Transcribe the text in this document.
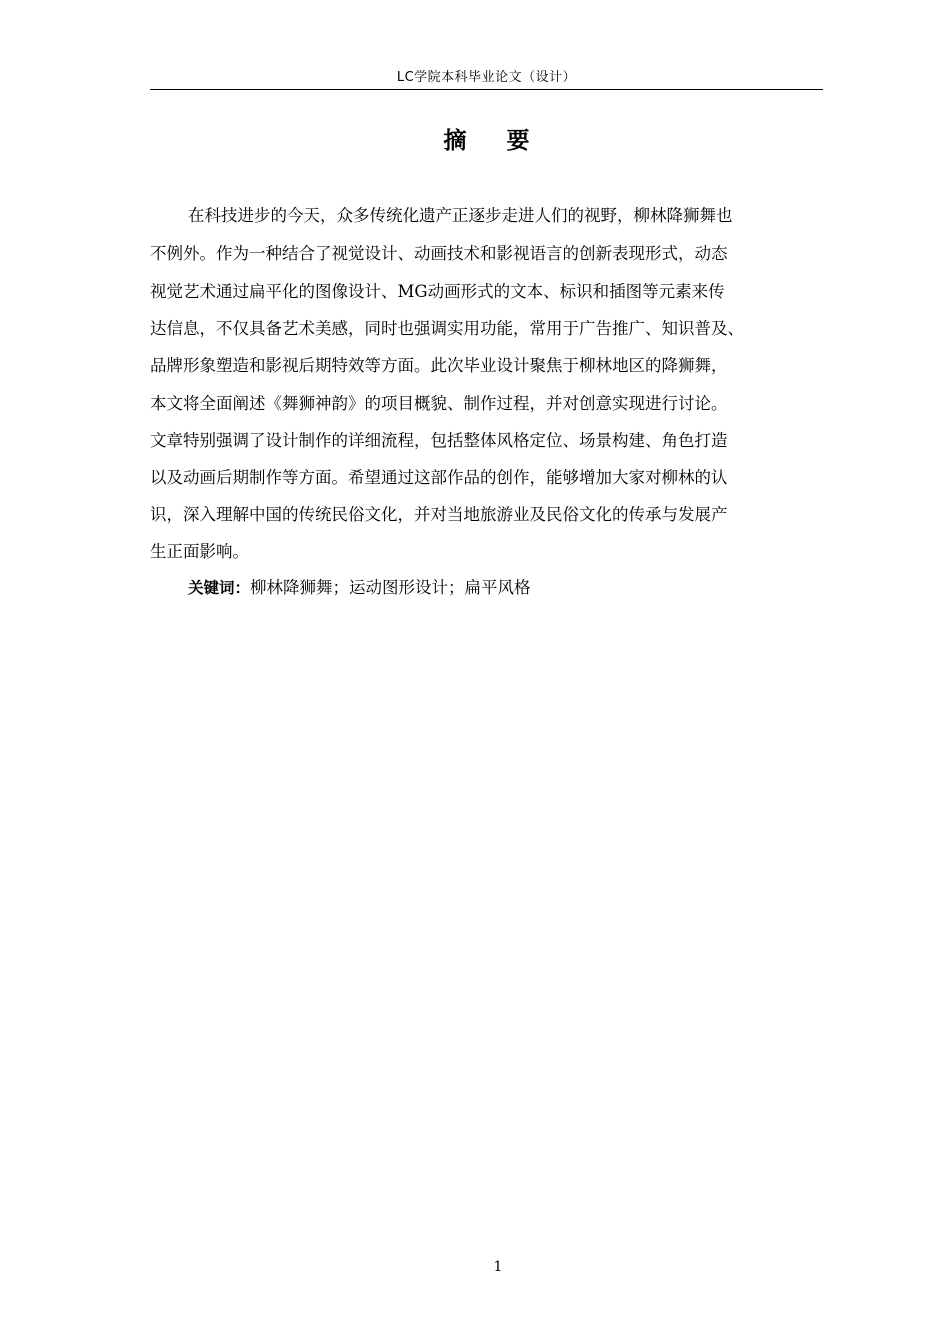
LC学院本科毕业论文（设计）
摘 要
在科技进步的今天，众多传统化遗产正逐步走进人们的视野，柳林降狮舞也
不例外。作为一种结合了视觉设计、动画技术和影视语言的创新表现形式，动态
视觉艺术通过扁平化的图像设计、MG动画形式的文本、标识和插图等元素来传
达信息，不仅具备艺术美感，同时也强调实用功能，常用于广告推广、知识普及、
品牌形象塑造和影视后期特效等方面。此次毕业设计聚焦于柳林地区的降狮舞，
本文将全面阐述《舞狮神韵》的项目概貌、制作过程，并对创意实现进行讨论。
文章特别强调了设计制作的详细流程，包括整体风格定位、场景构建、角色打造
以及动画后期制作等方面。希望通过这部作品的创作，能够增加大家对柳林的认
识，深入理解中国的传统民俗文化，并对当地旅游业及民俗文化的传承与发展产
生正面影响。
关键词：柳林降狮舞；运动图形设计；扁平风格
1
